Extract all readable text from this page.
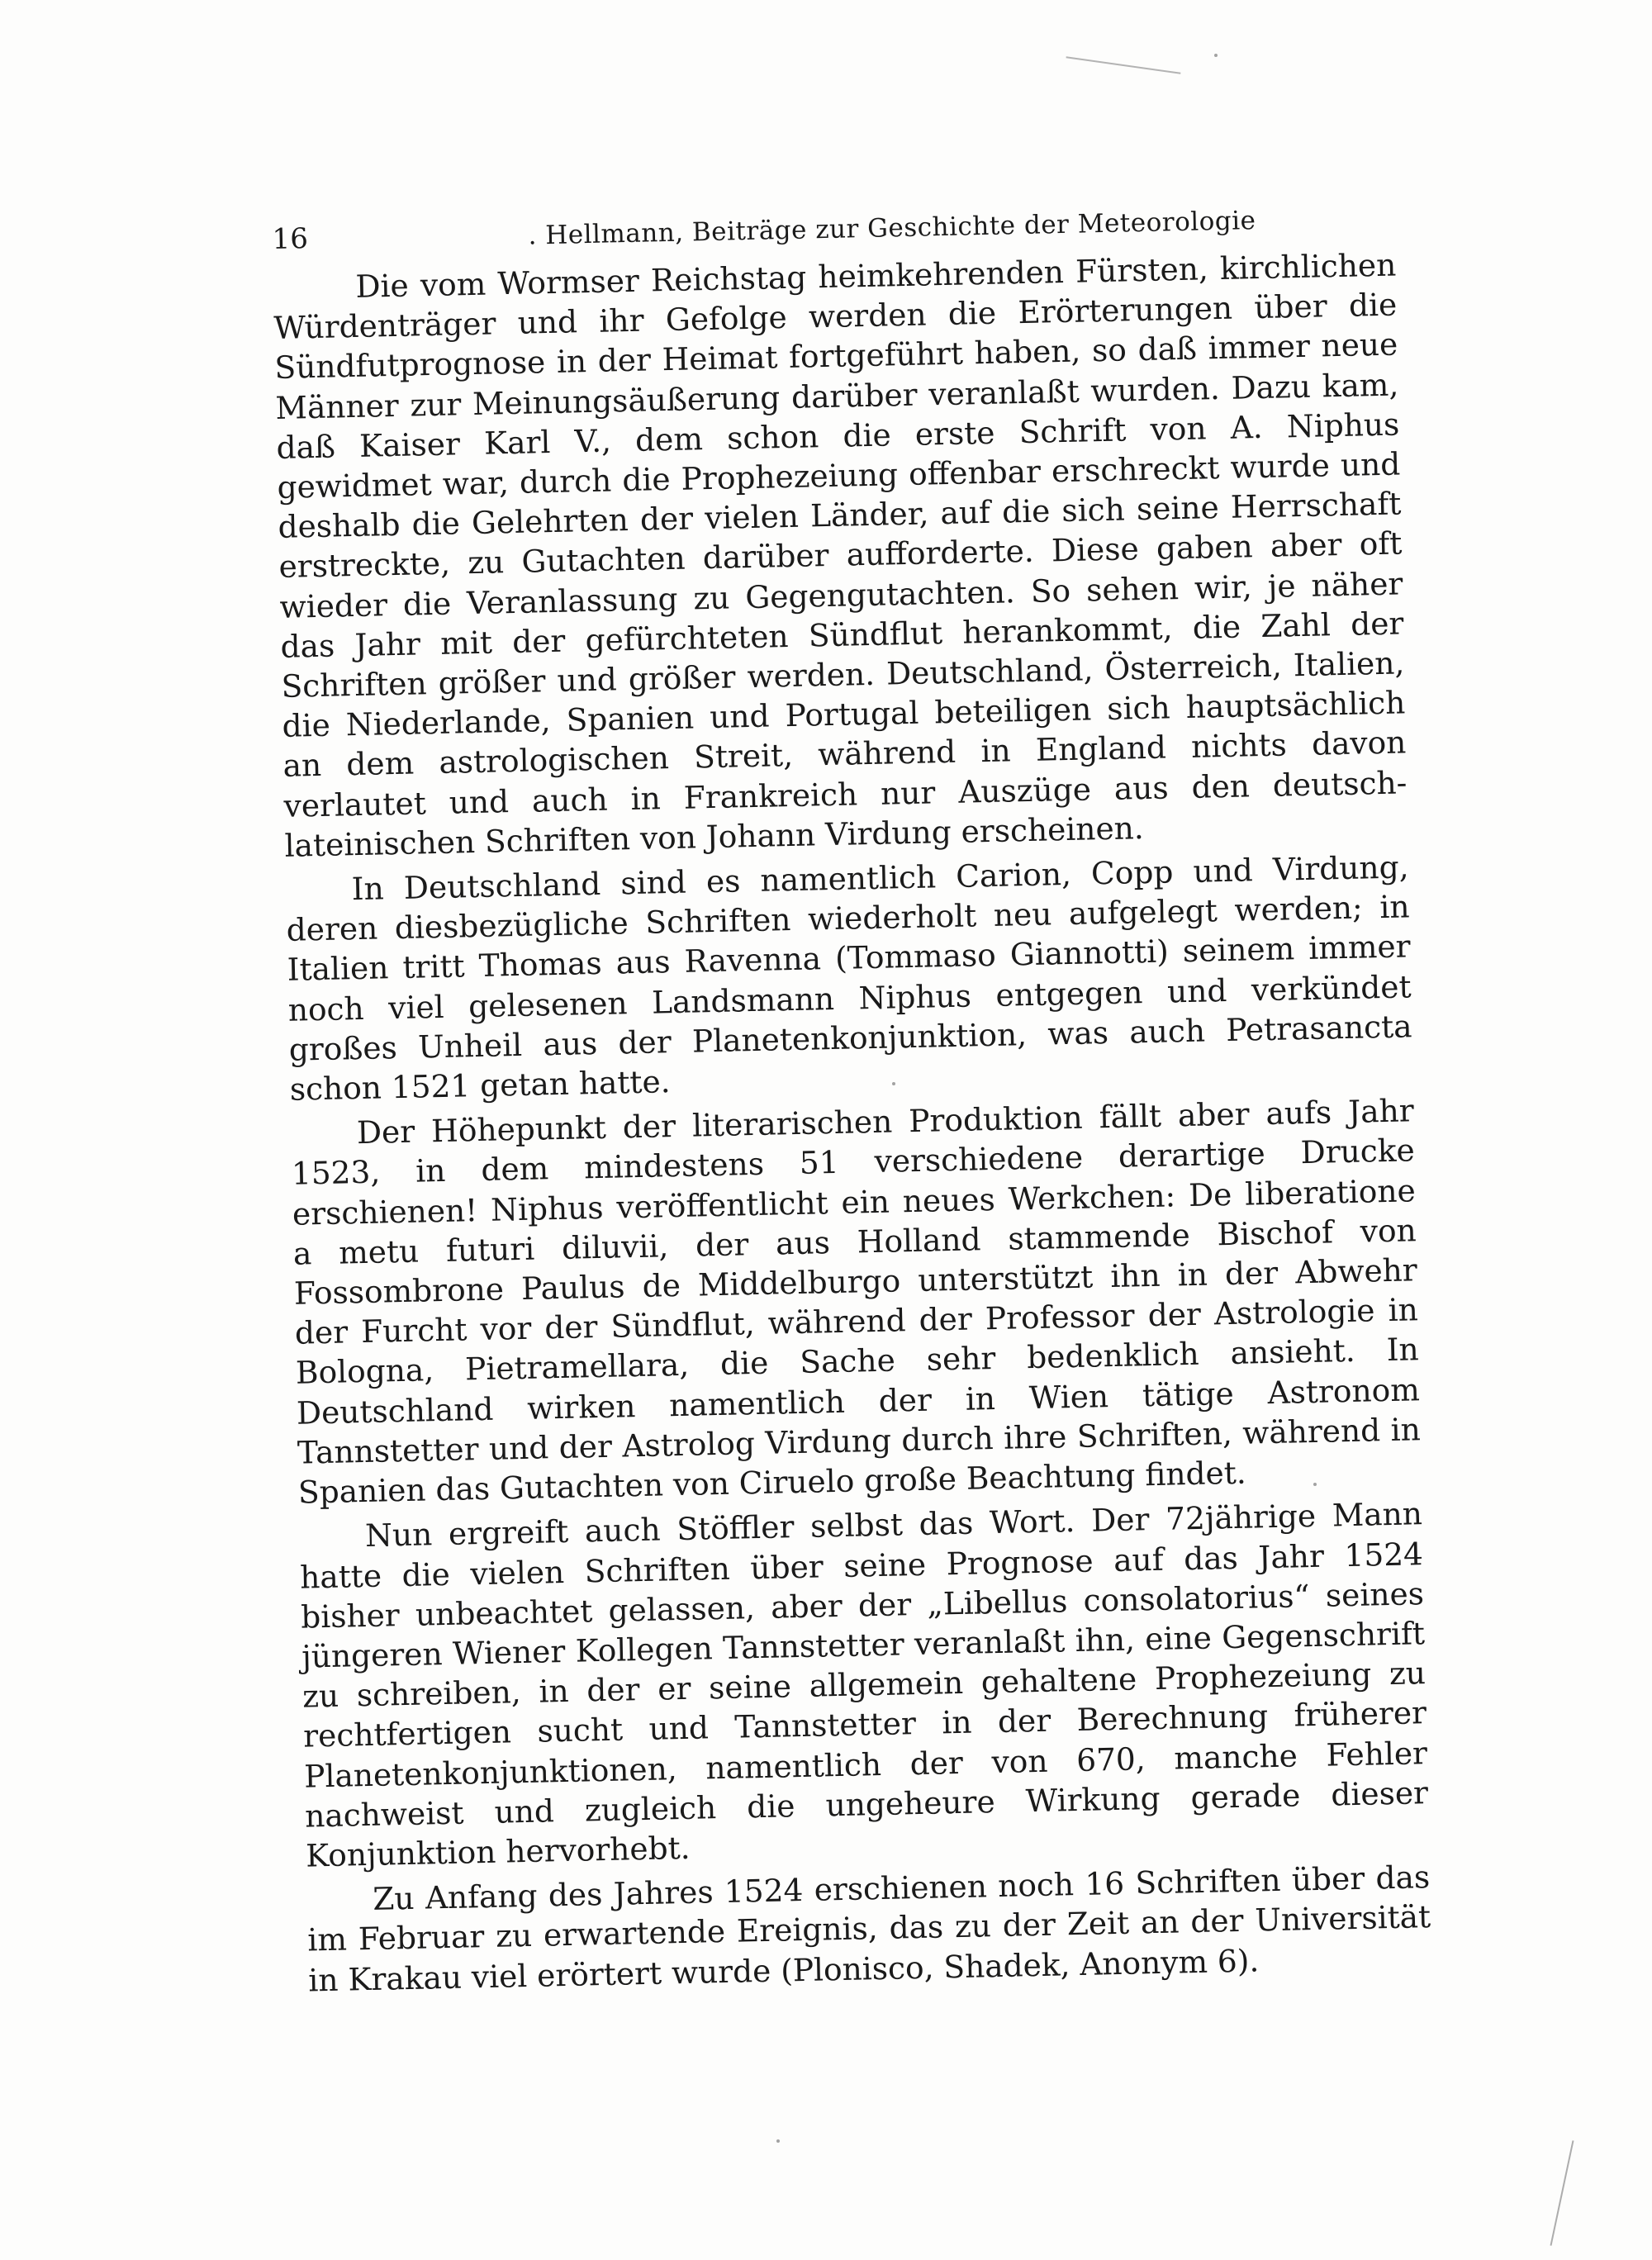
16	. Hellmann, Beiträge zur Geschichte der Meteorologie

Die vom Wormser Reichstag heimkehrenden Fürsten, kirchlichen Würdenträger und ihr Gefolge werden die Erörterungen über die Sündfutprognose in der Heimat fortgeführt haben, so daß immer neue Männer zur Meinungsäußerung darüber veranlaßt wurden. Dazu kam, daß Kaiser Karl V., dem schon die erste Schrift von A. Niphus gewidmet war, durch die Prophezeiung offenbar erschreckt wurde und deshalb die Gelehrten der vielen Länder, auf die sich seine Herrschaft erstreckte, zu Gutachten darüber aufforderte. Diese gaben aber oft wieder die Veranlassung zu Gegengutachten. So sehen wir, je näher das Jahr mit der gefürchteten Sündflut herankommt, die Zahl der Schriften größer und größer werden. Deutschland, Österreich, Italien, die Niederlande, Spanien und Portugal beteiligen sich hauptsächlich an dem astrologischen Streit, während in England nichts davon verlautet und auch in Frankreich nur Auszüge aus den deutsch-lateinischen Schriften von Johann Virdung erscheinen.

In Deutschland sind es namentlich Carion, Copp und Virdung, deren diesbezügliche Schriften wiederholt neu aufgelegt werden; in Italien tritt Thomas aus Ravenna (Tommaso Giannotti) seinem immer noch viel gelesenen Landsmann Niphus entgegen und verkündet großes Unheil aus der Planetenkonjunktion, was auch Petrasancta schon 1521 getan hatte.

Der Höhepunkt der literarischen Produktion fällt aber aufs Jahr 1523, in dem mindestens 51 verschiedene derartige Drucke erschienen! Niphus veröffentlicht ein neues Werkchen: De liberatione a metu futuri diluvii, der aus Holland stammende Bischof von Fossombrone Paulus de Middelburgo unterstützt ihn in der Abwehr der Furcht vor der Sündflut, während der Professor der Astrologie in Bologna, Pietramellara, die Sache sehr bedenklich ansieht. In Deutschland wirken namentlich der in Wien tätige Astronom Tannstetter und der Astrolog Virdung durch ihre Schriften, während in Spanien das Gutachten von Ciruelo große Beachtung findet.

Nun ergreift auch Stöffler selbst das Wort. Der 72jährige Mann hatte die vielen Schriften über seine Prognose auf das Jahr 1524 bisher unbeachtet gelassen, aber der „Libellus consolatorius“ seines jüngeren Wiener Kollegen Tannstetter veranlaßt ihn, eine Gegenschrift zu schreiben, in der er seine allgemein gehaltene Prophezeiung zu rechtfertigen sucht und Tannstetter in der Berechnung früherer Planetenkonjunktionen, namentlich der von 670, manche Fehler nachweist und zugleich die ungeheure Wirkung gerade dieser Konjunktion hervorhebt.

Zu Anfang des Jahres 1524 erschienen noch 16 Schriften über das im Februar zu erwartende Ereignis, das zu der Zeit an der Universität in Krakau viel erörtert wurde (Plonisco, Shadek, Anonym 6).
